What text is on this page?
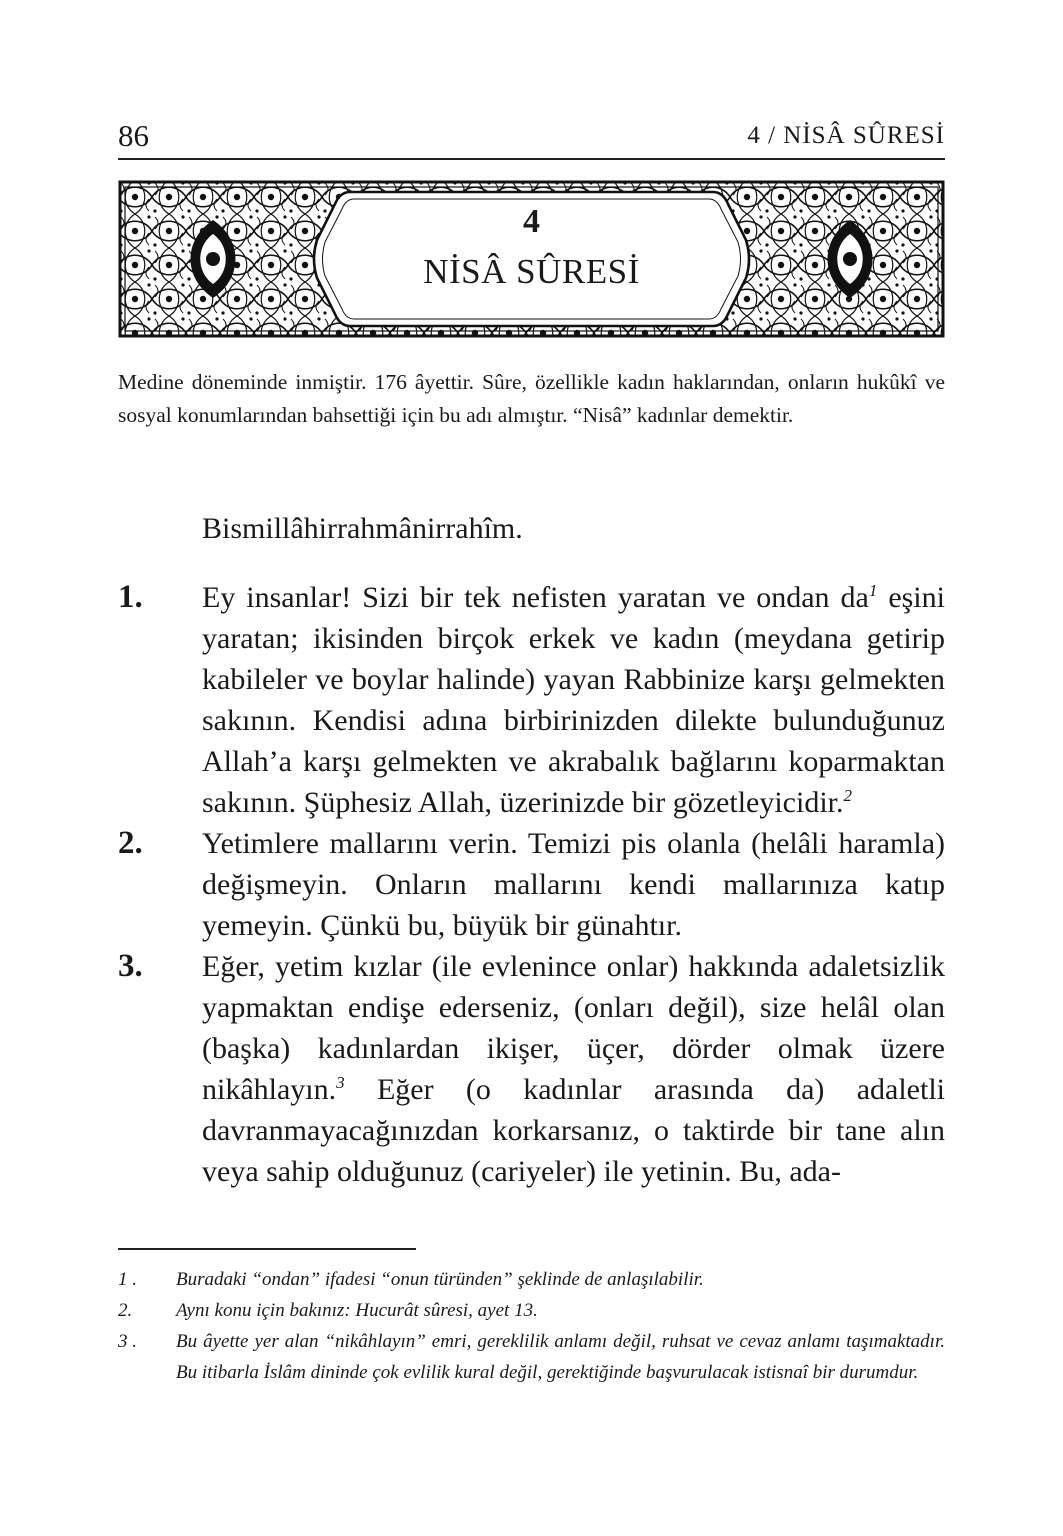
86	4 / NİSÂ SÛRESİ
4
NİSÂ SÛRESİ

Medine döneminde inmiştir. 176 âyettir. Sûre, özellikle kadın haklarından, onların hukûkî ve sosyal konumlarından bahsettiği için bu adı almıştır. “Nisâ” kadınlar demektir.

Bismillâhirrahmânirrahîm.
1. Ey insanlar! Sizi bir tek nefisten yaratan ve ondan da$^1$ eşini yaratan; ikisinden birçok erkek ve kadın (meydana getirip kabileler ve boylar halinde) yayan Rabbinize karşı gelmekten sakının. Kendisi adına birbirinizden dilekte bulunduğunuz Allah’a karşı gelmekten ve akrabalık bağlarını koparmaktan sakının. Şüphesiz Allah, üzerinizde bir gözetleyicidir.$^2$
2. Yetimlere mallarını verin. Temizi pis olanla (helâli haramla) değişmeyin. Onların mallarını kendi mallarınıza katıp yemeyin. Çünkü bu, büyük bir günahtır.
3. Eğer, yetim kızlar (ile evlenince onlar) hakkında adaletsizlik yapmaktan endişe ederseniz, (onları değil), size helâl olan (başka) kadınlardan ikişer, üçer, dörder olmak üzere nikâhlayın.$^3$ Eğer (o kadınlar arasında da) adaletli davranmayacağınızdan korkarsanız, o taktirde bir tane alın veya sahip olduğunuz (cariyeler) ile yetinin. Bu, ada-
1 . Buradaki “ondan” ifadesi “onun türünden” şeklinde de anlaşılabilir.
2. Aynı konu için bakınız: Hucurât sûresi, ayet 13.
3 . Bu âyette yer alan “nikâhlayın” emri, gereklilik anlamı değil, ruhsat ve cevaz anlamı taşımaktadır. Bu itibarla İslâm dininde çok evlilik kural değil, gerektiğinde başvurulacak istisnaî bir durumdur.
